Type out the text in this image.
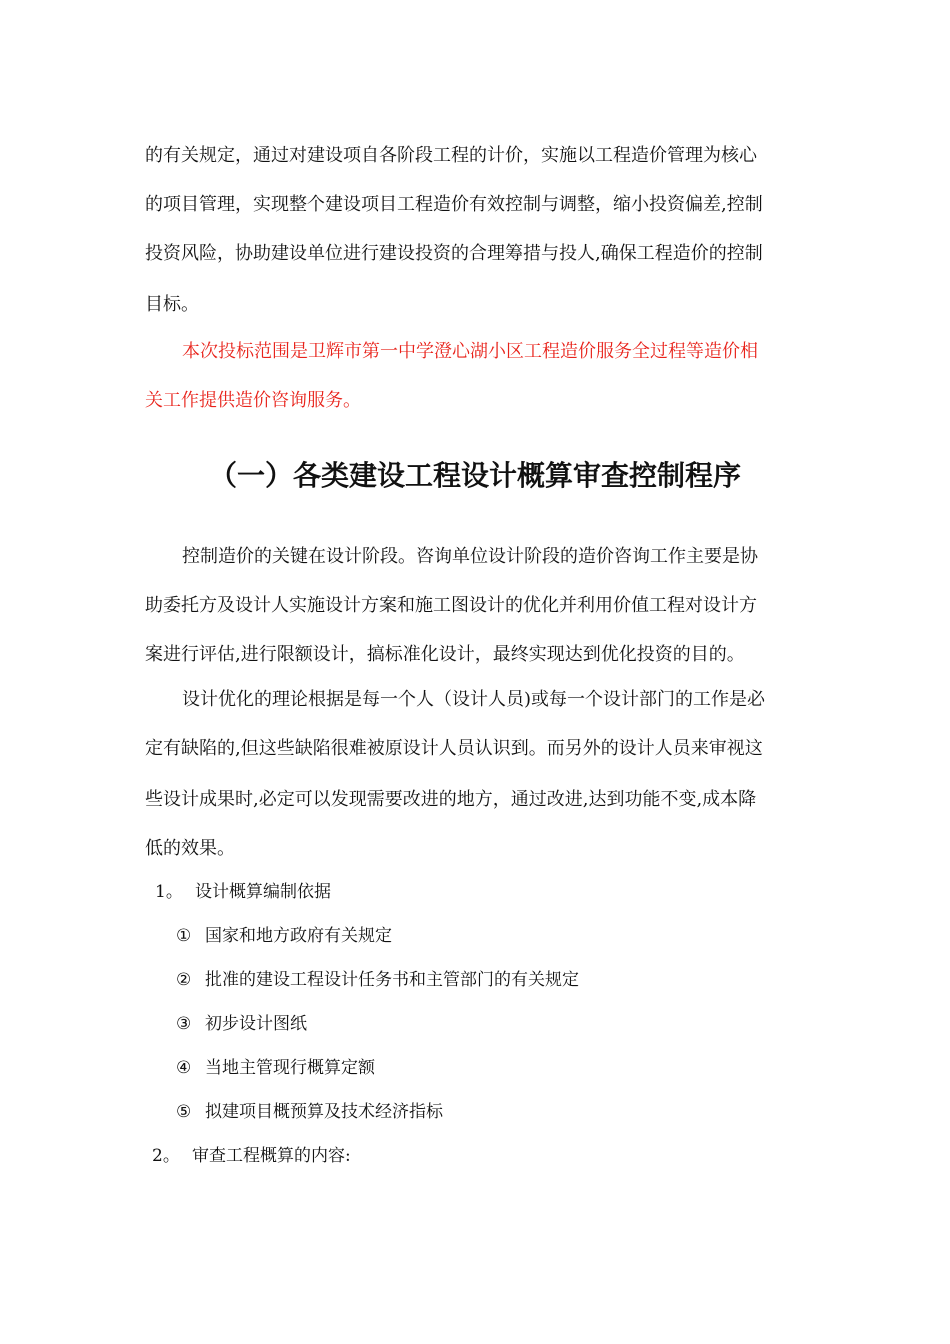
的有关规定，通过对建设项自各阶段工程的计价，实施以工程造价管理为核心
的项目管理，实现整个建设项目工程造价有效控制与调整，缩小投资偏差,控制
投资风险，协助建设单位进行建设投资的合理筹措与投人,确保工程造价的控制
目标。
本次投标范围是卫辉市第一中学澄心湖小区工程造价服务全过程等造价相
关工作提供造价咨询服务。
（一）各类建设工程设计概算审查控制程序
控制造价的关键在设计阶段。咨询单位设计阶段的造价咨询工作主要是协
助委托方及设计人实施设计方案和施工图设计的优化并利用价值工程对设计方
案进行评估,进行限额设计，搞标准化设计，最终实现达到优化投资的目的。
设计优化的理论根据是每一个人（设计人员)或每一个设计部门的工作是必
定有缺陷的,但这些缺陷很难被原设计人员认识到。而另外的设计人员来审视这
些设计成果时,必定可以发现需要改进的地方，通过改进,达到功能不变,成本降
低的效果。
1。 设计概算编制依据
① 国家和地方政府有关规定
② 批准的建设工程设计任务书和主管部门的有关规定
③ 初步设计图纸
④ 当地主管现行概算定额
⑤ 拟建项目概预算及技术经济指标
2。 审查工程概算的内容:
